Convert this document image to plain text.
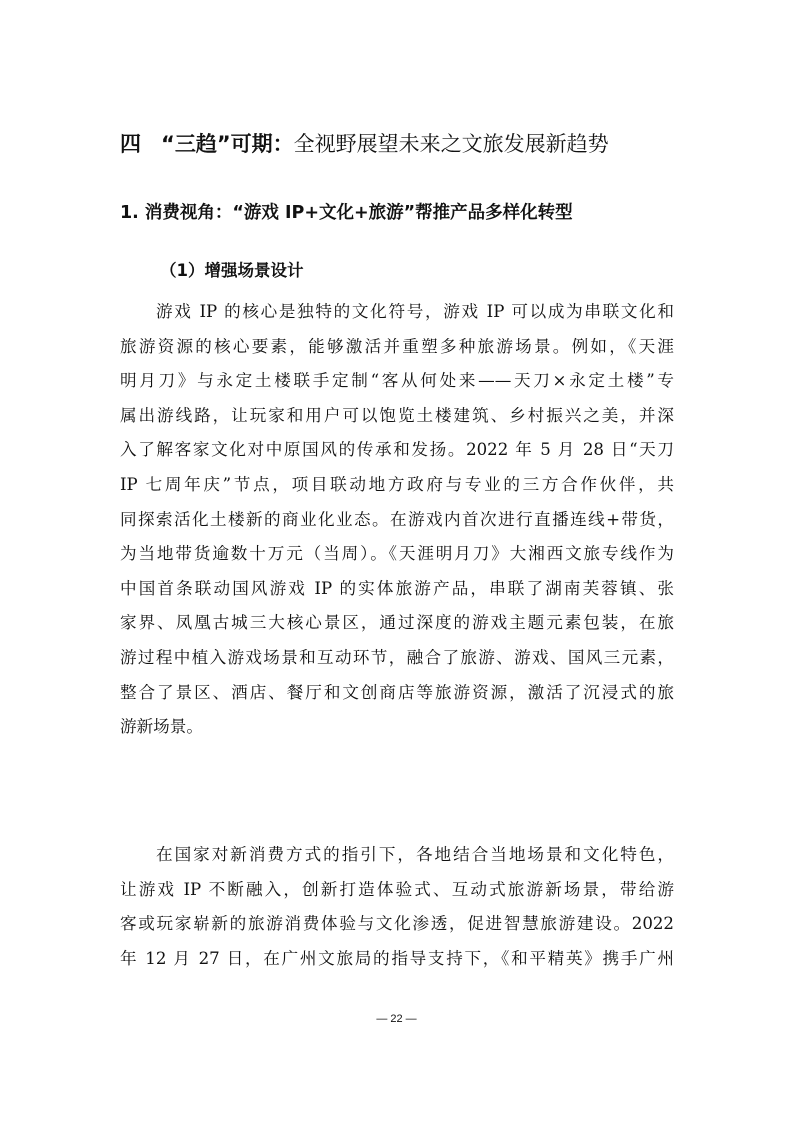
四 “三趋”可期：全视野展望未来之文旅发展新趋势
1. 消费视角：“游戏 IP+文化+旅游”帮推产品多样化转型
（1）增强场景设计
游戏 IP 的核心是独特的文化符号，游戏 IP 可以成为串联文化和
旅游资源的核心要素，能够激活并重塑多种旅游场景。例如，《天涯
明月刀》与永定土楼联手定制“客从何处来——天刀×永定土楼”专
属出游线路，让玩家和用户可以饱览土楼建筑、乡村振兴之美，并深
入了解客家文化对中原国风的传承和发扬。2022 年 5 月 28 日“天刀
IP 七周年庆”节点，项目联动地方政府与专业的三方合作伙伴，共
同探索活化土楼新的商业化业态。在游戏内首次进行直播连线+带货，
为当地带货逾数十万元（当周）。《天涯明月刀》大湘西文旅专线作为
中国首条联动国风游戏 IP 的实体旅游产品，串联了湖南芙蓉镇、张
家界、凤凰古城三大核心景区，通过深度的游戏主题元素包装，在旅
游过程中植入游戏场景和互动环节，融合了旅游、游戏、国风三元素，
整合了景区、酒店、餐厅和文创商店等旅游资源，激活了沉浸式的旅
游新场景。
在国家对新消费方式的指引下，各地结合当地场景和文化特色，
让游戏 IP 不断融入，创新打造体验式、互动式旅游新场景，带给游
客或玩家崭新的旅游消费体验与文化渗透，促进智慧旅游建设。2022
年 12 月 27 日，在广州文旅局的指导支持下，《和平精英》携手广州
— 22 —
